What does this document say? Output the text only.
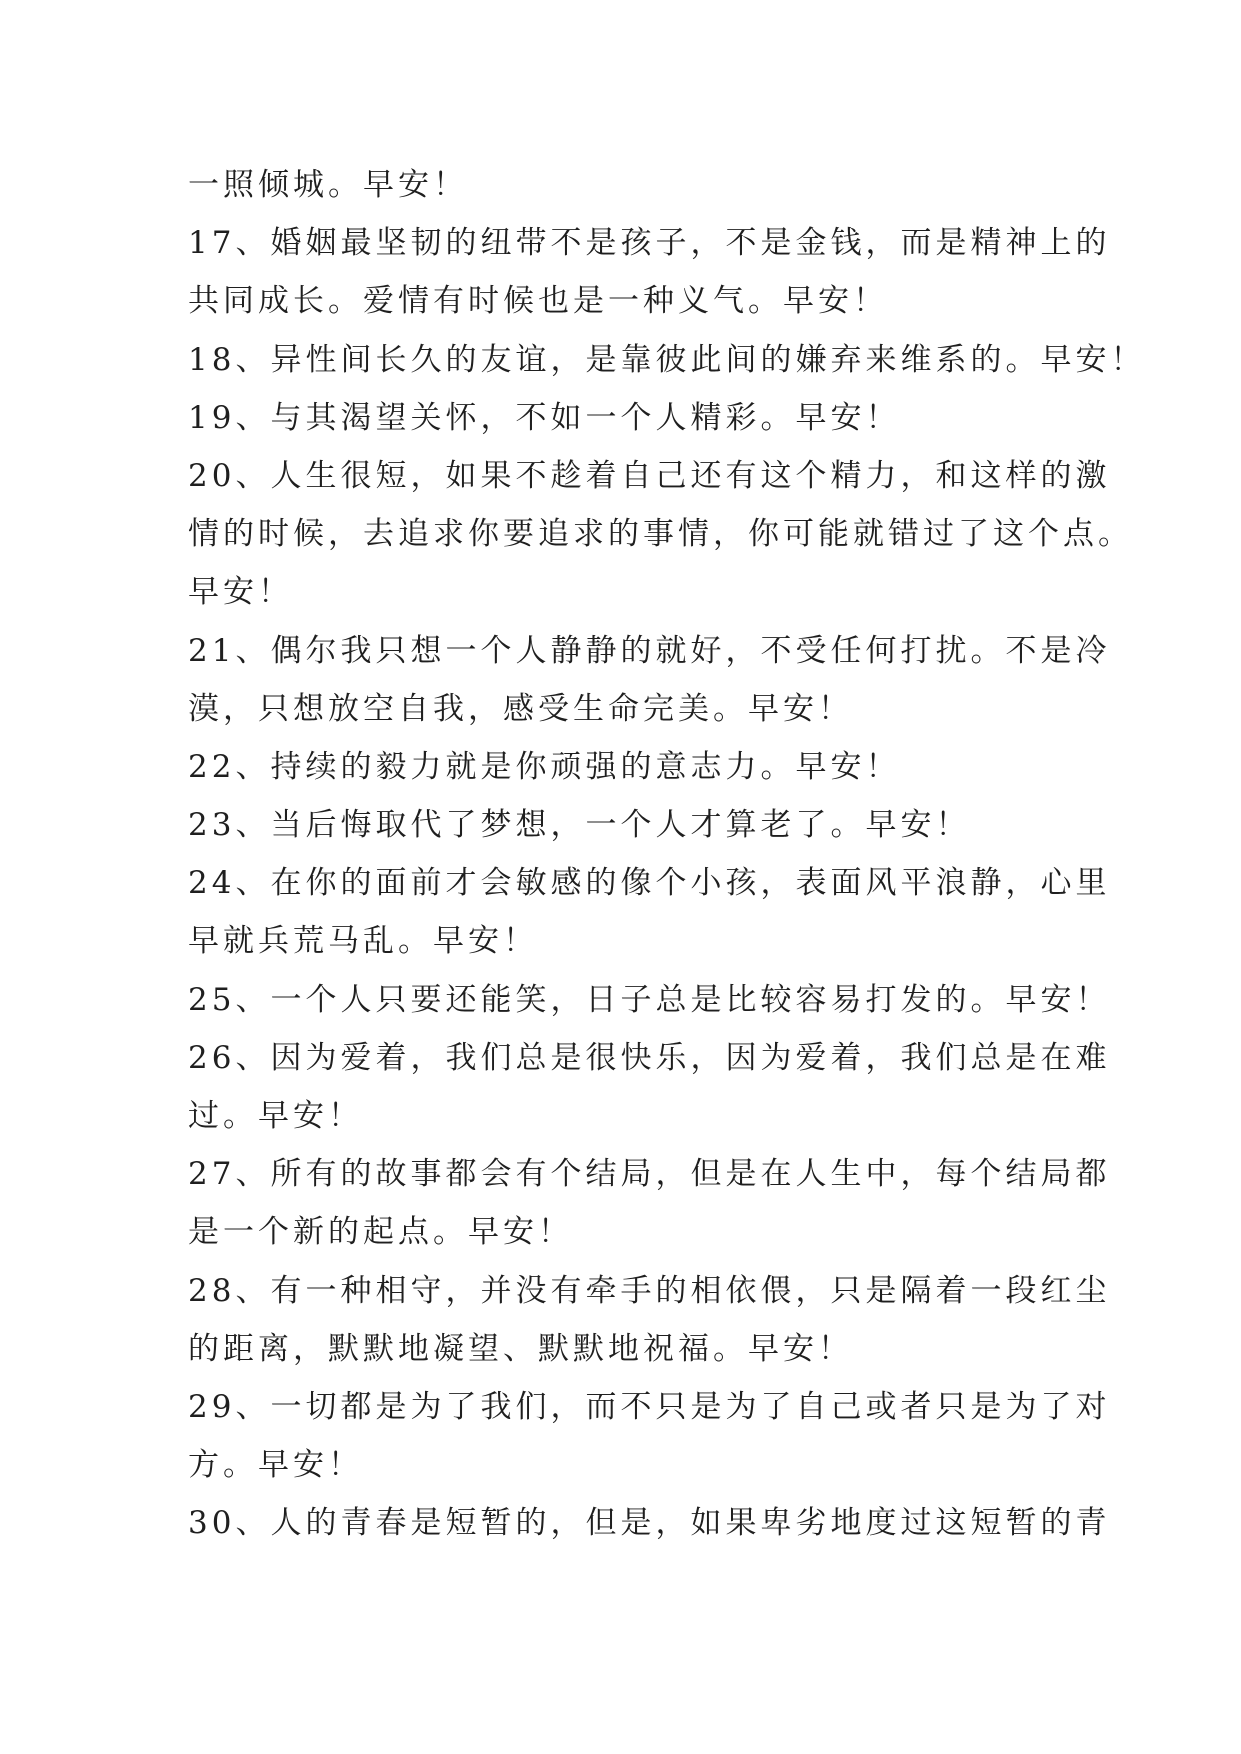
一照倾城。早安！
17、婚姻最坚韧的纽带不是孩子，不是金钱，而是精神上的
共同成长。爱情有时候也是一种义气。早安！
18、异性间长久的友谊，是靠彼此间的嫌弃来维系的。早安！
19、与其渴望关怀，不如一个人精彩。早安！
20、人生很短，如果不趁着自己还有这个精力，和这样的激
情的时候，去追求你要追求的事情，你可能就错过了这个点。
早安！
21、偶尔我只想一个人静静的就好，不受任何打扰。不是冷
漠，只想放空自我，感受生命完美。早安！
22、持续的毅力就是你顽强的意志力。早安！
23、当后悔取代了梦想，一个人才算老了。早安！
24、在你的面前才会敏感的像个小孩，表面风平浪静，心里
早就兵荒马乱。早安！
25、一个人只要还能笑，日子总是比较容易打发的。早安！
26、因为爱着，我们总是很快乐，因为爱着，我们总是在难
过。早安！
27、所有的故事都会有个结局，但是在人生中，每个结局都
是一个新的起点。早安！
28、有一种相守，并没有牵手的相依偎，只是隔着一段红尘
的距离，默默地凝望、默默地祝福。早安！
29、一切都是为了我们，而不只是为了自己或者只是为了对
方。早安！
30、人的青春是短暂的，但是，如果卑劣地度过这短暂的青
